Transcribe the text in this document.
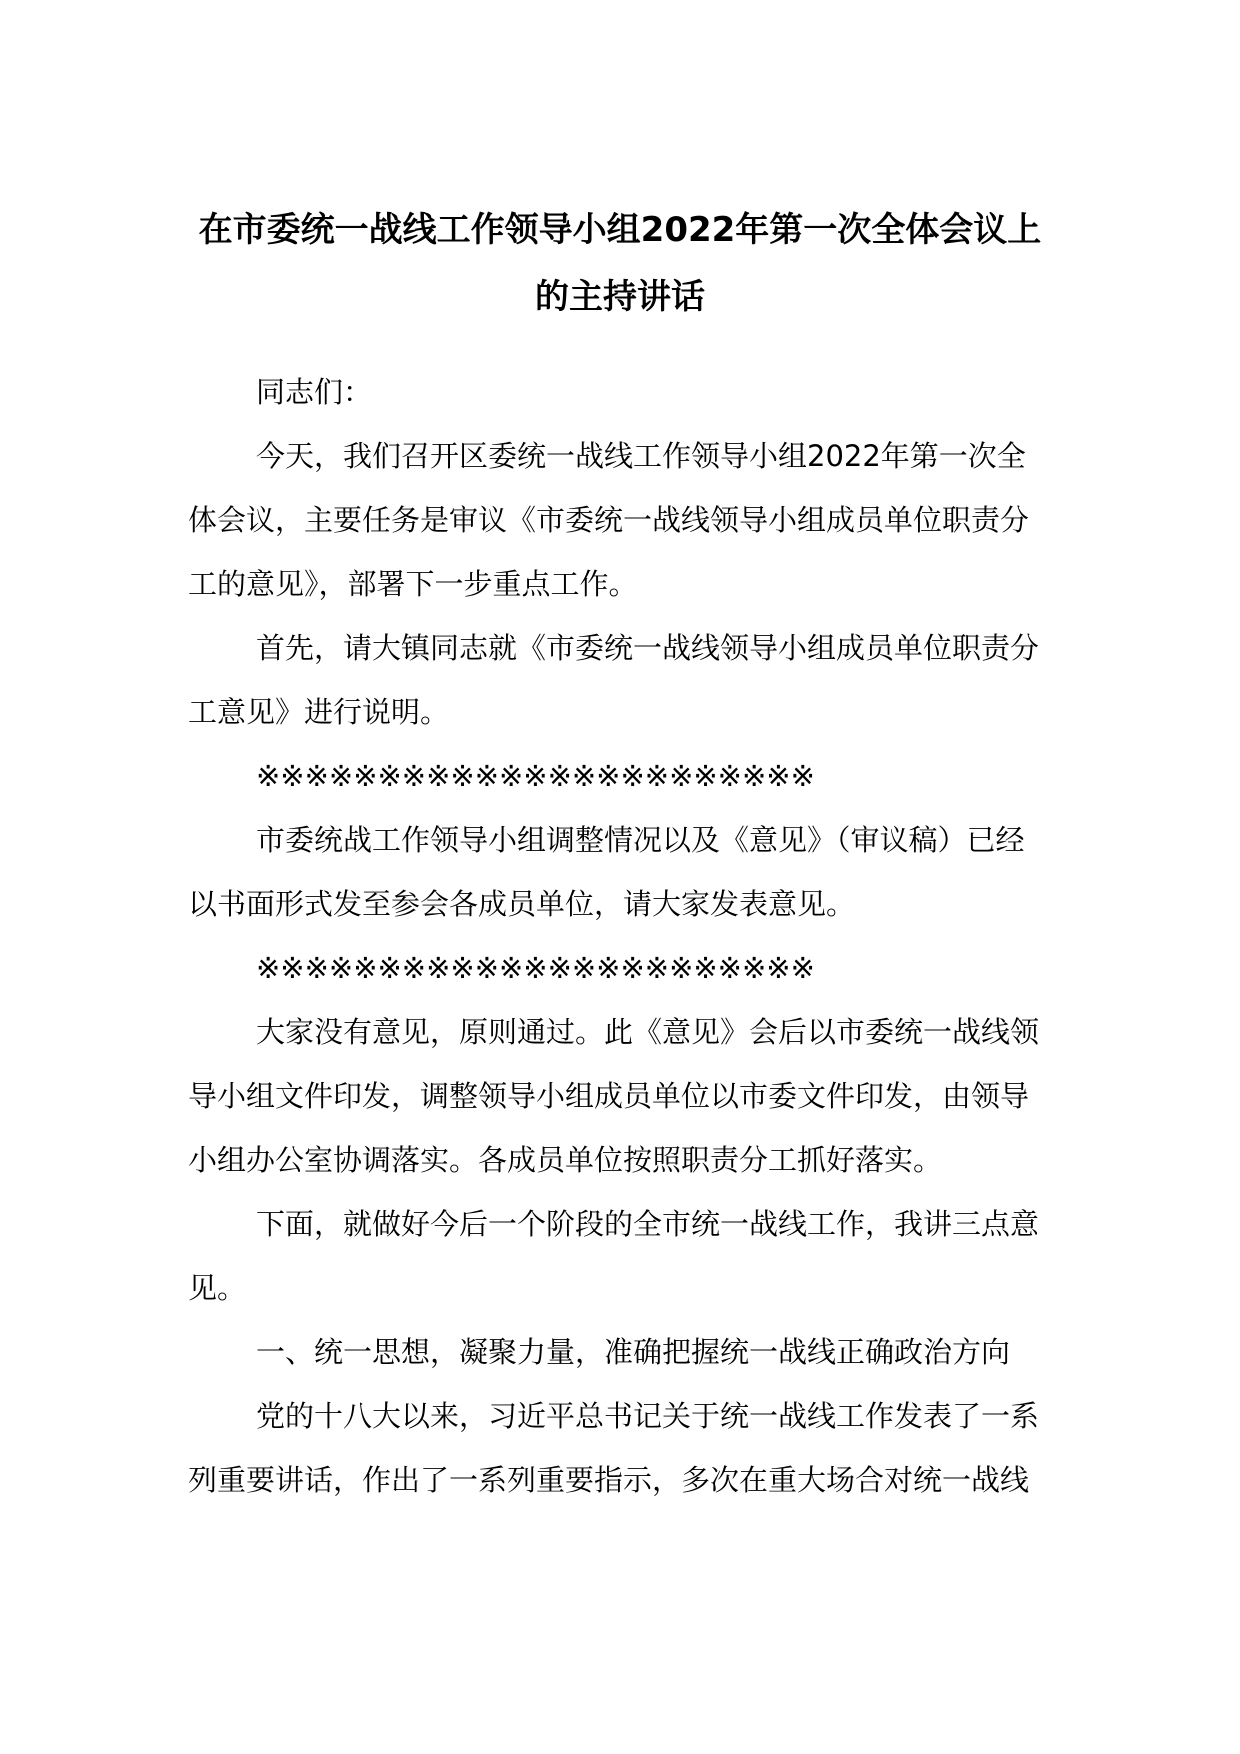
在市委统一战线工作领导小组2022年第一次全体会议上
的主持讲话

同志们：

今天，我们召开区委统一战线工作领导小组2022年第一次全

体会议，主要任务是审议《市委统一战线领导小组成员单位职责分

工的意见》，部署下一步重点工作。

首先，请大镇同志就《市委统一战线领导小组成员单位职责分

工意见》进行说明。

※※※※※※※※※※※※※※※※※※※※※※※

市委统战工作领导小组调整情况以及《意见》（审议稿）已经

以书面形式发至参会各成员单位，请大家发表意见。

※※※※※※※※※※※※※※※※※※※※※※※

大家没有意见，原则通过。此《意见》会后以市委统一战线领

导小组文件印发，调整领导小组成员单位以市委文件印发，由领导

小组办公室协调落实。各成员单位按照职责分工抓好落实。

下面，就做好今后一个阶段的全市统一战线工作，我讲三点意

见。

一、统一思想，凝聚力量，准确把握统一战线正确政治方向

党的十八大以来，习近平总书记关于统一战线工作发表了一系

列重要讲话，作出了一系列重要指示，多次在重大场合对统一战线
